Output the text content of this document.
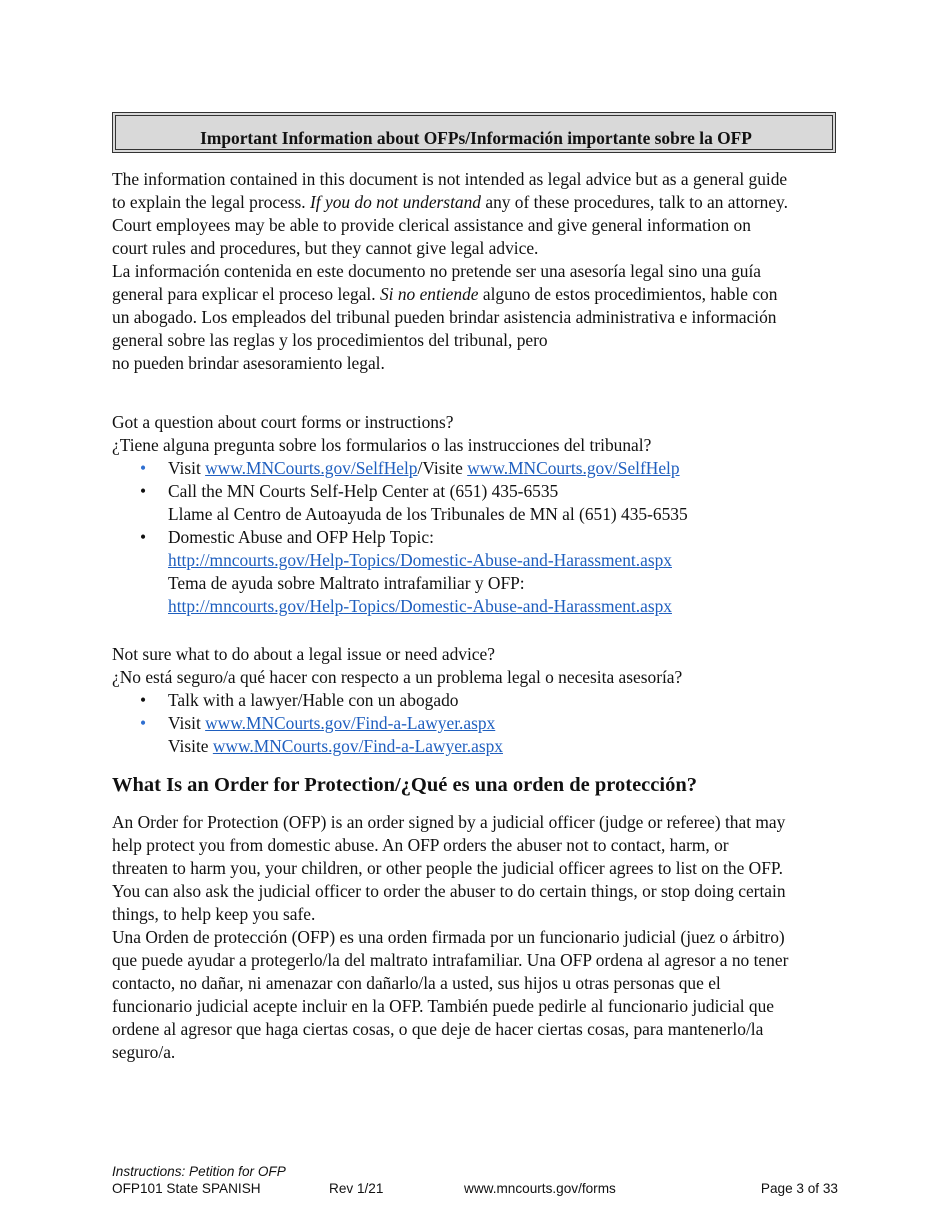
Important Information about OFPs/Información importante sobre la OFP
The information contained in this document is not intended as legal advice but as a general guide
to explain the legal process. If you do not understand any of these procedures, talk to an attorney.
Court employees may be able to provide clerical assistance and give general information on
court rules and procedures, but they cannot give legal advice.
La información contenida en este documento no pretende ser una asesoría legal sino una guía
general para explicar el proceso legal. Si no entiende alguno de estos procedimientos, hable con
un abogado. Los empleados del tribunal pueden brindar asistencia administrativa e información
general sobre las reglas y los procedimientos del tribunal, pero
no pueden brindar asesoramiento legal.
Got a question about court forms or instructions?
¿Tiene alguna pregunta sobre los formularios o las instrucciones del tribunal?
• Visit www.MNCourts.gov/SelfHelp/Visite www.MNCourts.gov/SelfHelp
• Call the MN Courts Self-Help Center at (651) 435-6535
Llame al Centro de Autoayuda de los Tribunales de MN al (651) 435-6535
• Domestic Abuse and OFP Help Topic:
http://mncourts.gov/Help-Topics/Domestic-Abuse-and-Harassment.aspx
Tema de ayuda sobre Maltrato intrafamiliar y OFP:
http://mncourts.gov/Help-Topics/Domestic-Abuse-and-Harassment.aspx
Not sure what to do about a legal issue or need advice?
¿No está seguro/a qué hacer con respecto a un problema legal o necesita asesoría?
• Talk with a lawyer/Hable con un abogado
• Visit www.MNCourts.gov/Find-a-Lawyer.aspx
Visite www.MNCourts.gov/Find-a-Lawyer.aspx
What Is an Order for Protection/¿Qué es una orden de protección?
An Order for Protection (OFP) is an order signed by a judicial officer (judge or referee) that may
help protect you from domestic abuse. An OFP orders the abuser not to contact, harm, or
threaten to harm you, your children, or other people the judicial officer agrees to list on the OFP.
You can also ask the judicial officer to order the abuser to do certain things, or stop doing certain
things, to help keep you safe.
Una Orden de protección (OFP) es una orden firmada por un funcionario judicial (juez o árbitro)
que puede ayudar a protegerlo/la del maltrato intrafamiliar. Una OFP ordena al agresor a no tener
contacto, no dañar, ni amenazar con dañarlo/la a usted, sus hijos u otras personas que el
funcionario judicial acepte incluir en la OFP. También puede pedirle al funcionario judicial que
ordene al agresor que haga ciertas cosas, o que deje de hacer ciertas cosas, para mantenerlo/la
seguro/a.
Instructions: Petition for OFP
OFP101 State SPANISH	Rev 1/21	www.mncourts.gov/forms	Page 3 of 33
